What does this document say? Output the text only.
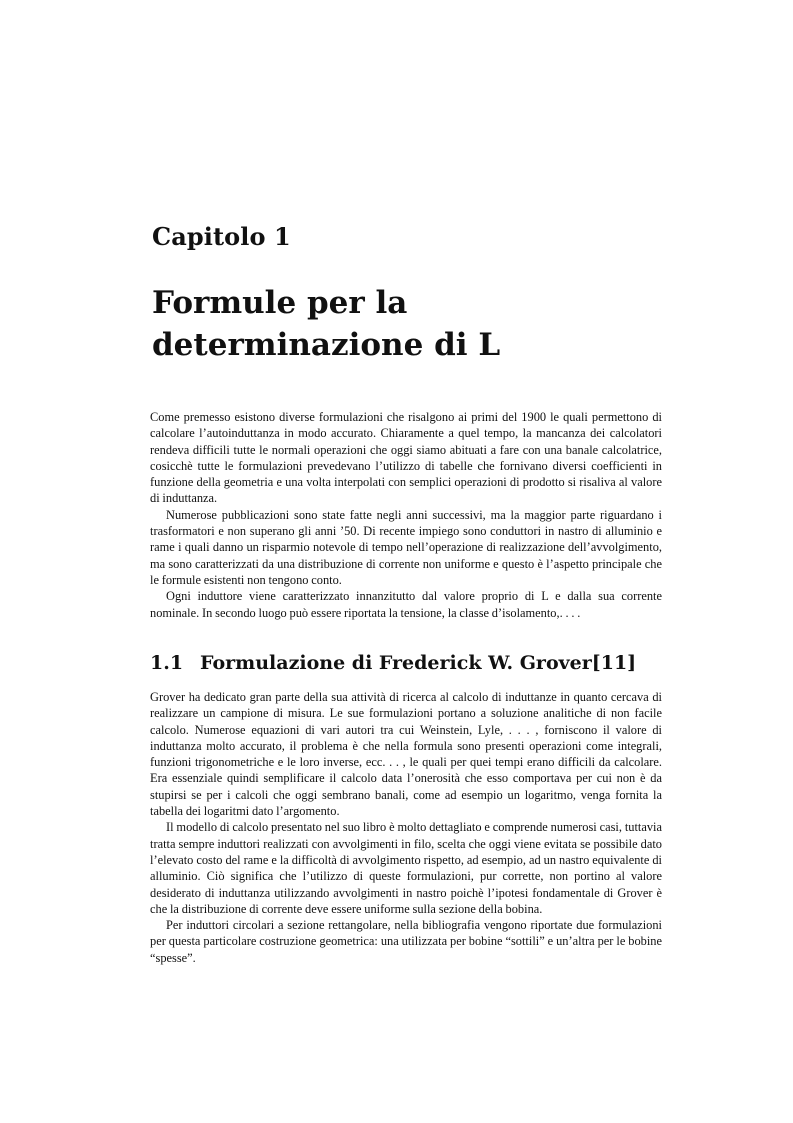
Capitolo 1
Formule per la determinazione di L

Come premesso esistono diverse formulazioni che risalgono ai primi del 1900 le quali permettono di calcolare l’autoinduttanza in modo accurato. Chiaramente a quel tempo, la mancanza dei calcolatori rendeva difficili tutte le normali operazioni che oggi siamo abituati a fare con una banale calcolatrice, cosicchè tutte le formulazioni prevedevano l’utilizzo di tabelle che fornivano diversi coefficienti in funzione della geometria e una volta interpolati con semplici operazioni di prodotto si risaliva al valore di induttanza.

Numerose pubblicazioni sono state fatte negli anni successivi, ma la maggior parte riguardano i trasformatori e non superano gli anni ’50. Di recente impiego sono conduttori in nastro di alluminio e rame i quali danno un risparmio notevole di tempo nell’operazione di realizzazione dell’avvolgimento, ma sono caratterizzati da una distribuzione di corrente non uniforme e questo è l’aspetto principale che le formule esistenti non tengono conto.

Ogni induttore viene caratterizzato innanzitutto dal valore proprio di L e dalla sua corrente nominale. In secondo luogo può essere riportata la tensione, la classe d’isolamento,. . . .

1.1 Formulazione di Frederick W. Grover[11]

Grover ha dedicato gran parte della sua attività di ricerca al calcolo di induttanze in quanto cercava di realizzare un campione di misura. Le sue formulazioni portano a soluzione analitiche di non facile calcolo. Numerose equazioni di vari autori tra cui Weinstein, Lyle, . . . , forniscono il valore di induttanza molto accurato, il problema è che nella formula sono presenti operazioni come integrali, funzioni trigonometriche e le loro inverse, ecc. . . , le quali per quei tempi erano difficili da calcolare. Era essenziale quindi semplificare il calcolo data l’onerosità che esso comportava per cui non è da stupirsi se per i calcoli che oggi sembrano banali, come ad esempio un logaritmo, venga fornita la tabella dei logaritmi dato l’argomento.

Il modello di calcolo presentato nel suo libro è molto dettagliato e comprende numerosi casi, tuttavia tratta sempre induttori realizzati con avvolgimenti in filo, scelta che oggi viene evitata se possibile dato l’elevato costo del rame e la difficoltà di avvolgimento rispetto, ad esempio, ad un nastro equivalente di alluminio. Ciò significa che l’utilizzo di queste formulazioni, pur corrette, non portino al valore desiderato di induttanza utilizzando avvolgimenti in nastro poichè l’ipotesi fondamentale di Grover è che la distribuzione di corrente deve essere uniforme sulla sezione della bobina.

Per induttori circolari a sezione rettangolare, nella bibliografia vengono riportate due formulazioni per questa particolare costruzione geometrica: una utilizzata per bobine “sottili” e un’altra per le bobine “spesse”.
